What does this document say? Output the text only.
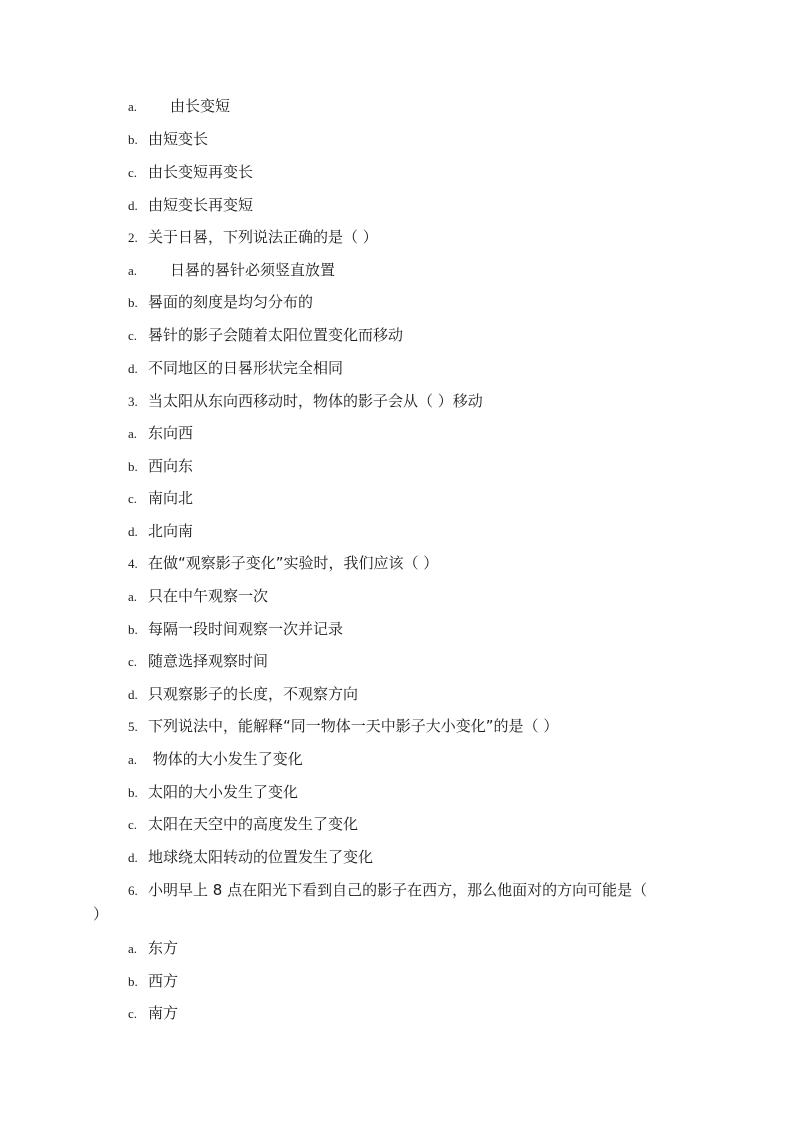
a. 由长变短
b. 由短变长
c. 由长变短再变长
d. 由短变长再变短
2. 关于日晷，下列说法正确的是（ ）
a. 日晷的晷针必须竖直放置
b. 晷面的刻度是均匀分布的
c. 晷针的影子会随着太阳位置变化而移动
d. 不同地区的日晷形状完全相同
3. 当太阳从东向西移动时，物体的影子会从（ ）移动
a. 东向西
b. 西向东
c. 南向北
d. 北向南
4. 在做“观察影子变化”实验时，我们应该（ ）
a. 只在中午观察一次
b. 每隔一段时间观察一次并记录
c. 随意选择观察时间
d. 只观察影子的长度，不观察方向
5. 下列说法中，能解释“同一物体一天中影子大小变化”的是（ ）
a. 物体的大小发生了变化
b. 太阳的大小发生了变化
c. 太阳在天空中的高度发生了变化
d. 地球绕太阳转动的位置发生了变化
6. 小明早上 8 点在阳光下看到自己的影子在西方，那么他面对的方向可能是（
）
a. 东方
b. 西方
c. 南方
